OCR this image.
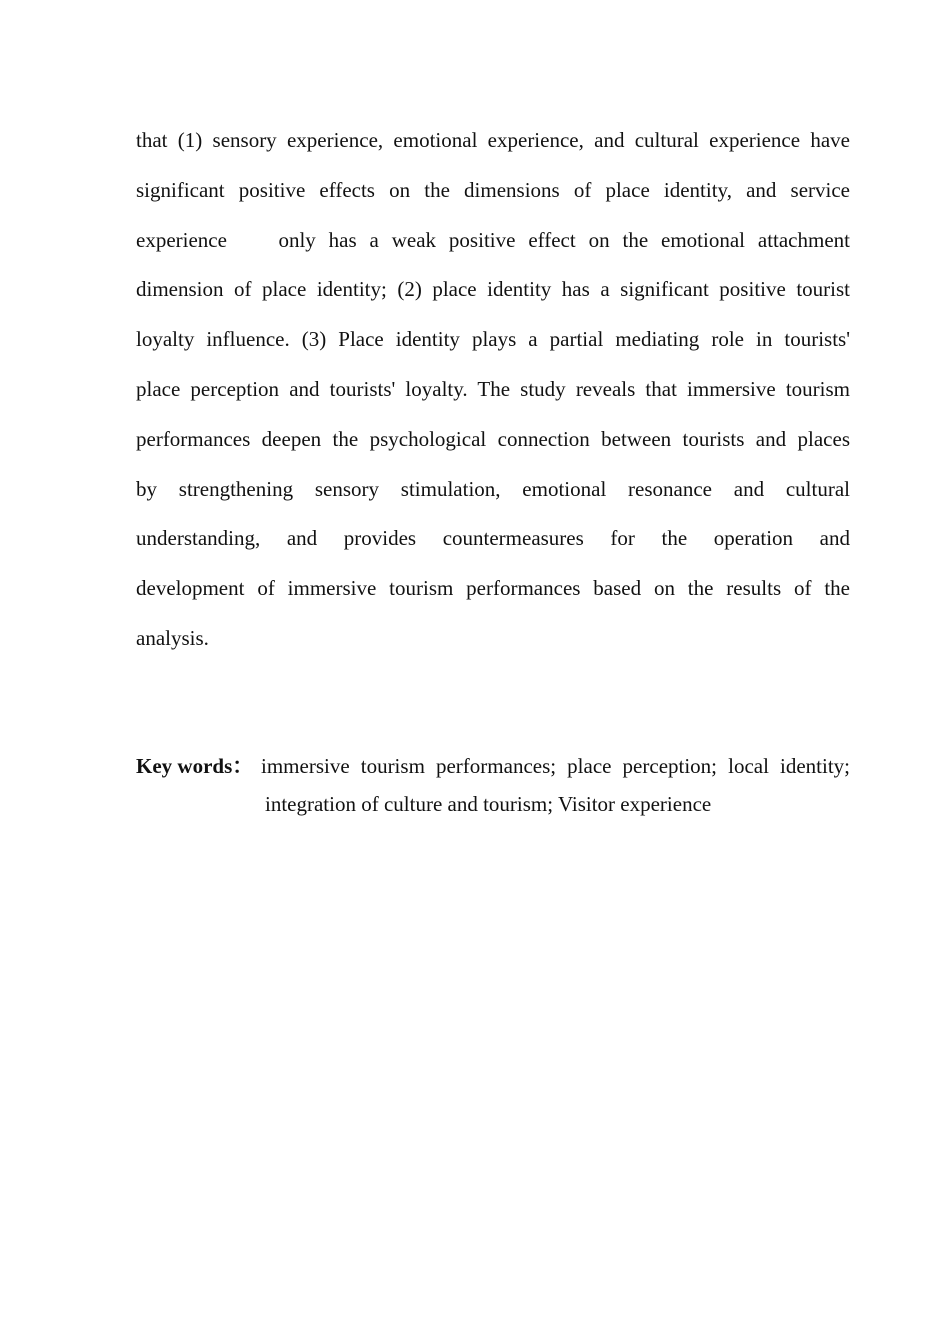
that (1) sensory experience, emotional experience, and cultural experience have
significant positive effects on the dimensions of place identity, and service
experience    only has a weak positive effect on the emotional attachment
dimension of place identity; (2) place identity has a significant positive tourist
loyalty influence. (3) Place identity plays a partial mediating role in tourists'
place perception and tourists' loyalty. The study reveals that immersive tourism
performances deepen the psychological connection between tourists and places
by strengthening sensory stimulation, emotional resonance and cultural
understanding, and provides countermeasures for the operation and
development of immersive tourism performances based on the results of the
analysis.
Key words： immersive tourism performances; place perception; local identity;
integration of culture and tourism; Visitor experience
